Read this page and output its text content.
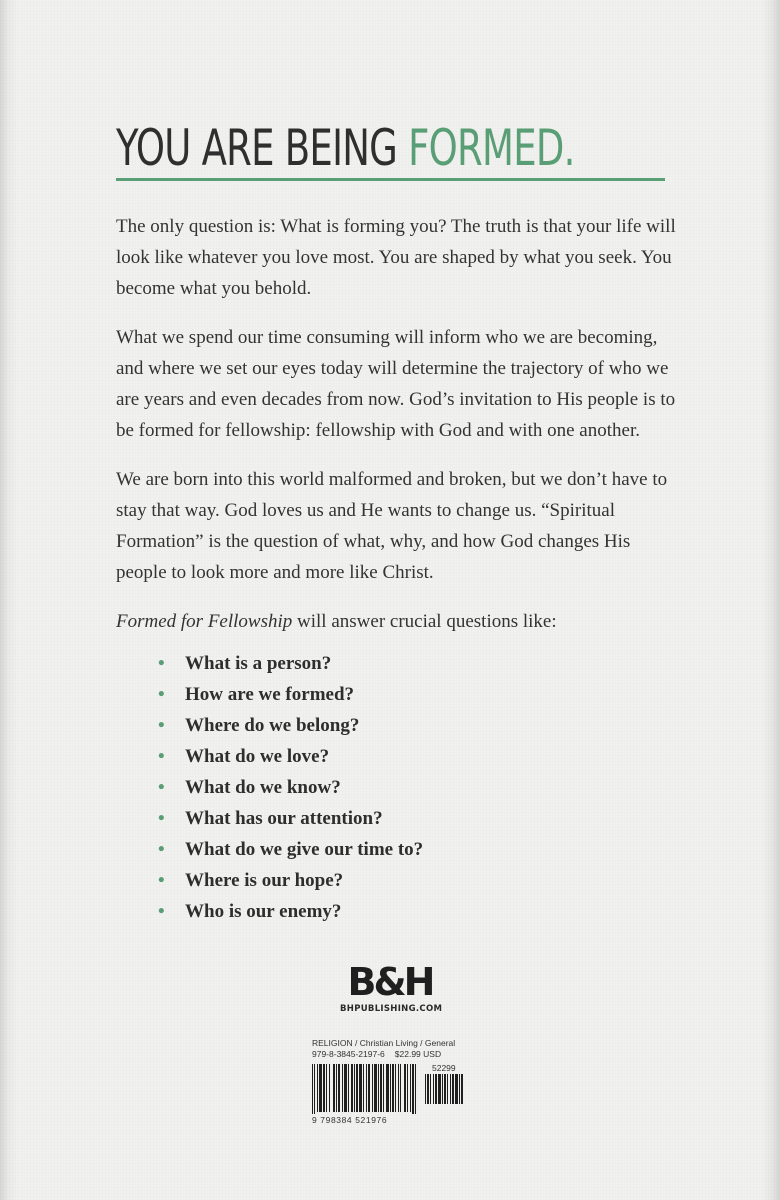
YOU ARE BEING FORMED.

The only question is: What is forming you? The truth is that your life will look like whatever you love most. You are shaped by what you seek. You become what you behold.

What we spend our time consuming will inform who we are becoming, and where we set our eyes today will determine the trajectory of who we are years and even decades from now. God’s invitation to His people is to be formed for fellowship: fellowship with God and with one another.

We are born into this world malformed and broken, but we don’t have to stay that way. God loves us and He wants to change us. “Spiritual Formation” is the question of what, why, and how God changes His people to look more and more like Christ.

Formed for Fellowship will answer crucial questions like:

• What is a person?
• How are we formed?
• Where do we belong?
• What do we love?
• What do we know?
• What has our attention?
• What do we give our time to?
• Where is our hope?
• Who is our enemy?
B&H
BHPUBLISHING.COM
RELIGION / Christian Living / General
979-8-3845-2197-6 $22.99 USD
52299
9 798384 521976
